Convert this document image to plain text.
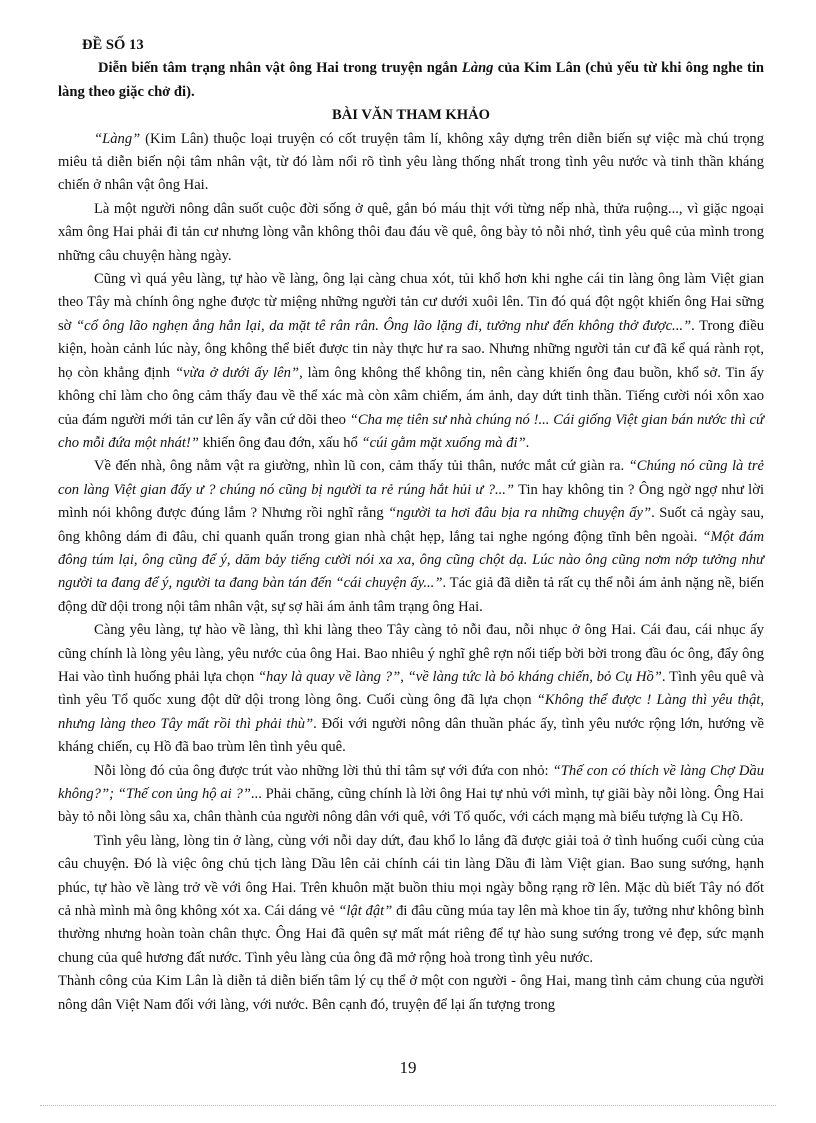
ĐỀ SỐ 13
Diễn biến tâm trạng nhân vật ông Hai trong truyện ngắn Làng của Kim Lân (chủ yếu từ khi ông nghe tin làng theo giặc chở đi).
BÀI VĂN THAM KHẢO

“Làng” (Kim Lân) thuộc loại truyện có cốt truyện tâm lí, không xây dựng trên diễn biến sự việc mà chú trọng miêu tả diễn biến nội tâm nhân vật, từ đó làm nổi rõ tình yêu làng thống nhất trong tình yêu nước và tinh thần kháng chiến ở nhân vật ông Hai.

Là một người nông dân suốt cuộc đời sống ở quê, gắn bó máu thịt với từng nếp nhà, thửa ruộng..., vì giặc ngoại xâm ông Hai phải đi tản cư nhưng lòng vẫn không thôi đau đáu về quê, ông bày tỏ nỗi nhớ, tình yêu quê của mình trong những câu chuyện hàng ngày.

Cũng vì quá yêu làng, tự hào về làng, ông lại càng chua xót, tủi khổ hơn khi nghe cái tin làng ông làm Việt gian theo Tây mà chính ông nghe được từ miệng những người tản cư dưới xuôi lên. Tin đó quá đột ngột khiến ông Hai sững sờ “cổ ông lão nghẹn ắng hẳn lại, da mặt tê rân rân. Ông lão lặng đi, tưởng như đến không thở được...”. Trong điều kiện, hoàn cảnh lúc này, ông không thể biết được tin này thực hư ra sao. Nhưng những người tản cư đã kể quá rành rọt, họ còn khẳng định “vừa ở dưới ấy lên”, làm ông không thể không tin, nên càng khiến ông đau buồn, khổ sở. Tin ấy không chỉ làm cho ông cảm thấy đau về thể xác mà còn xâm chiếm, ám ảnh, day dứt tinh thần. Tiếng cười nói xôn xao của đám người mới tản cư lên ấy vẫn cứ dõi theo “Cha mẹ tiên sư nhà chúng nó !... Cái giống Việt gian bán nước thì cứ cho mỗi đứa một nhát!” khiến ông đau đớn, xấu hổ “cúi gằm mặt xuống mà đi”.

Về đến nhà, ông nằm vật ra giường, nhìn lũ con, cảm thấy tủi thân, nước mắt cứ giàn ra. “Chúng nó cũng là trẻ con làng Việt gian đấy ư ? chúng nó cũng bị người ta rẻ rúng hắt hủi ư ?...” Tin hay không tin ? Ông ngờ ngợ như lời mình nói không được đúng lắm ? Nhưng rồi nghĩ rằng “người ta hơi đâu bịa ra những chuyện ấy”. Suốt cả ngày sau, ông không dám đi đâu, chỉ quanh quẩn trong gian nhà chật hẹp, lắng tai nghe ngóng động tĩnh bên ngoài. “Một đám đông túm lại, ông cũng để ý, dăm bảy tiếng cười nói xa xa, ông cũng chột dạ. Lúc nào ông cũng nơm nớp tưởng như người ta đang để ý, người ta đang bàn tán đến “cái chuyện ấy...”. Tác giả đã diễn tả rất cụ thể nỗi ám ảnh nặng nề, biến động dữ dội trong nội tâm nhân vật, sự sợ hãi ám ảnh tâm trạng ông Hai.

Càng yêu làng, tự hào về làng, thì khi làng theo Tây càng tỏ nỗi đau, nỗi nhục ở ông Hai. Cái đau, cái nhục ấy cũng chính là lòng yêu làng, yêu nước của ông Hai. Bao nhiêu ý nghĩ ghê rợn nối tiếp bời bời trong đầu óc ông, đẩy ông Hai vào tình huống phải lựa chọn “hay là quay về làng ?”, “về làng tức là bỏ kháng chiến, bỏ Cụ Hồ”. Tình yêu quê và tình yêu Tổ quốc xung đột dữ dội trong lòng ông. Cuối cùng ông đã lựa chọn “Không thể được ! Làng thì yêu thật, nhưng làng theo Tây mất rồi thì phải thù”. Đối với người nông dân thuần phác ấy, tình yêu nước rộng lớn, hướng về kháng chiến, cụ Hồ đã bao trùm lên tình yêu quê.

Nỗi lòng đó của ông được trút vào những lời thủ thỉ tâm sự với đứa con nhỏ: “Thế con có thích về làng Chợ Dầu không?”; “Thế con ủng hộ ai ?”... Phải chăng, cũng chính là lời ông Hai tự nhủ với mình, tự giãi bày nỗi lòng. Ông Hai bày tỏ nỗi lòng sâu xa, chân thành của người nông dân với quê, với Tổ quốc, với cách mạng mà biểu tượng là Cụ Hồ.

Tình yêu làng, lòng tin ở làng, cùng với nỗi day dứt, đau khổ lo lắng đã được giải toả ở tình huống cuối cùng của câu chuyện. Đó là việc ông chủ tịch làng Dầu lên cải chính cái tin làng Dầu đi làm Việt gian. Bao sung sướng, hạnh phúc, tự hào về làng trở về với ông Hai. Trên khuôn mặt buồn thiu mọi ngày bỗng rạng rỡ lên. Mặc dù biết Tây nó đốt cả nhà mình mà ông không xót xa. Cái dáng vẻ “lật đật” đi đâu cũng múa tay lên mà khoe tin ấy, tưởng như không bình thường nhưng hoàn toàn chân thực. Ông Hai đã quên sự mất mát riêng để tự hào sung sướng trong vẻ đẹp, sức mạnh chung của quê hương đất nước. Tình yêu làng của ông đã mở rộng hoà trong tình yêu nước.

Thành công của Kim Lân là diễn tả diễn biến tâm lý cụ thể ở một con người - ông Hai, mang tình cảm chung của người nông dân Việt Nam đối với làng, với nước. Bên cạnh đó, truyện để lại ấn tượng trong

19
